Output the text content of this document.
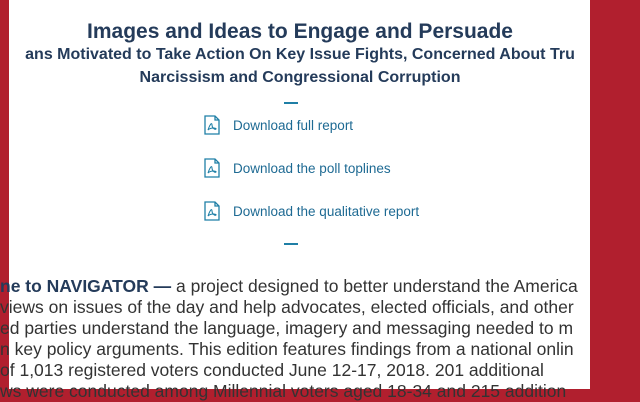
Images and Ideas to Engage and Persuade
ans Motivated to Take Action On Key Issue Fights, Concerned About Tru
Narcissism and Congressional Corruption
Download full report
Download the poll toplines
Download the qualitative report
ne to NAVIGATOR — a project designed to better understand the America
views on issues of the day and help advocates, elected officials, and other
ed parties understand the language, imagery and messaging needed to m
n key policy arguments. This edition features findings from a national onlin
of 1,013 registered voters conducted June 12-17, 2018. 201 additional
ws were conducted among Millennial voters aged 18-34 and 215 addition
